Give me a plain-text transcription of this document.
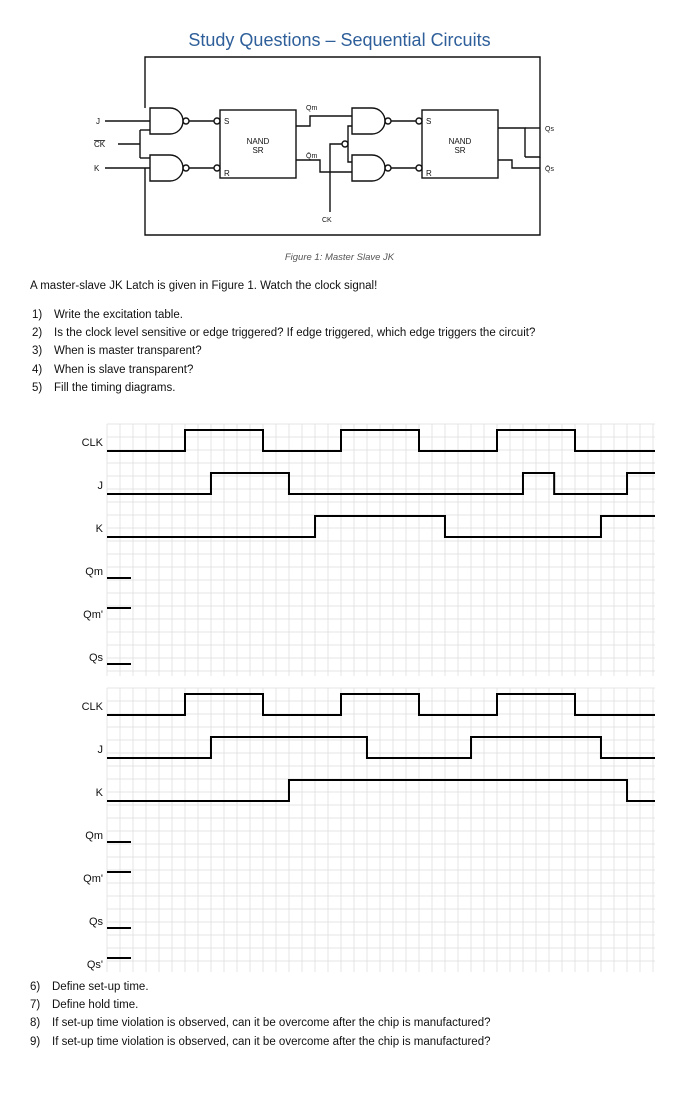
Study Questions – Sequential Circuits
J
CK
K
S
R
NAND
SR
S
R
NAND
SR
Qm
Q̄m
CK
Qs
Q̄s
Figure 1: Master Slave JK
A master-slave JK Latch is given in Figure 1. Watch the clock signal!
1) Write the excitation table.
2) Is the clock level sensitive or edge triggered? If edge triggered, which edge triggers the circuit?
3) When is master transparent?
4) When is slave transparent?
5) Fill the timing diagrams.
CLK
J
K
Qm
Qm'
Qs
CLK
J
K
Qm
Qm'
Qs
Qs'
6) Define set-up time.
7) Define hold time.
8) If set-up time violation is observed, can it be overcome after the chip is manufactured?
9) If set-up time violation is observed, can it be overcome after the chip is manufactured?
